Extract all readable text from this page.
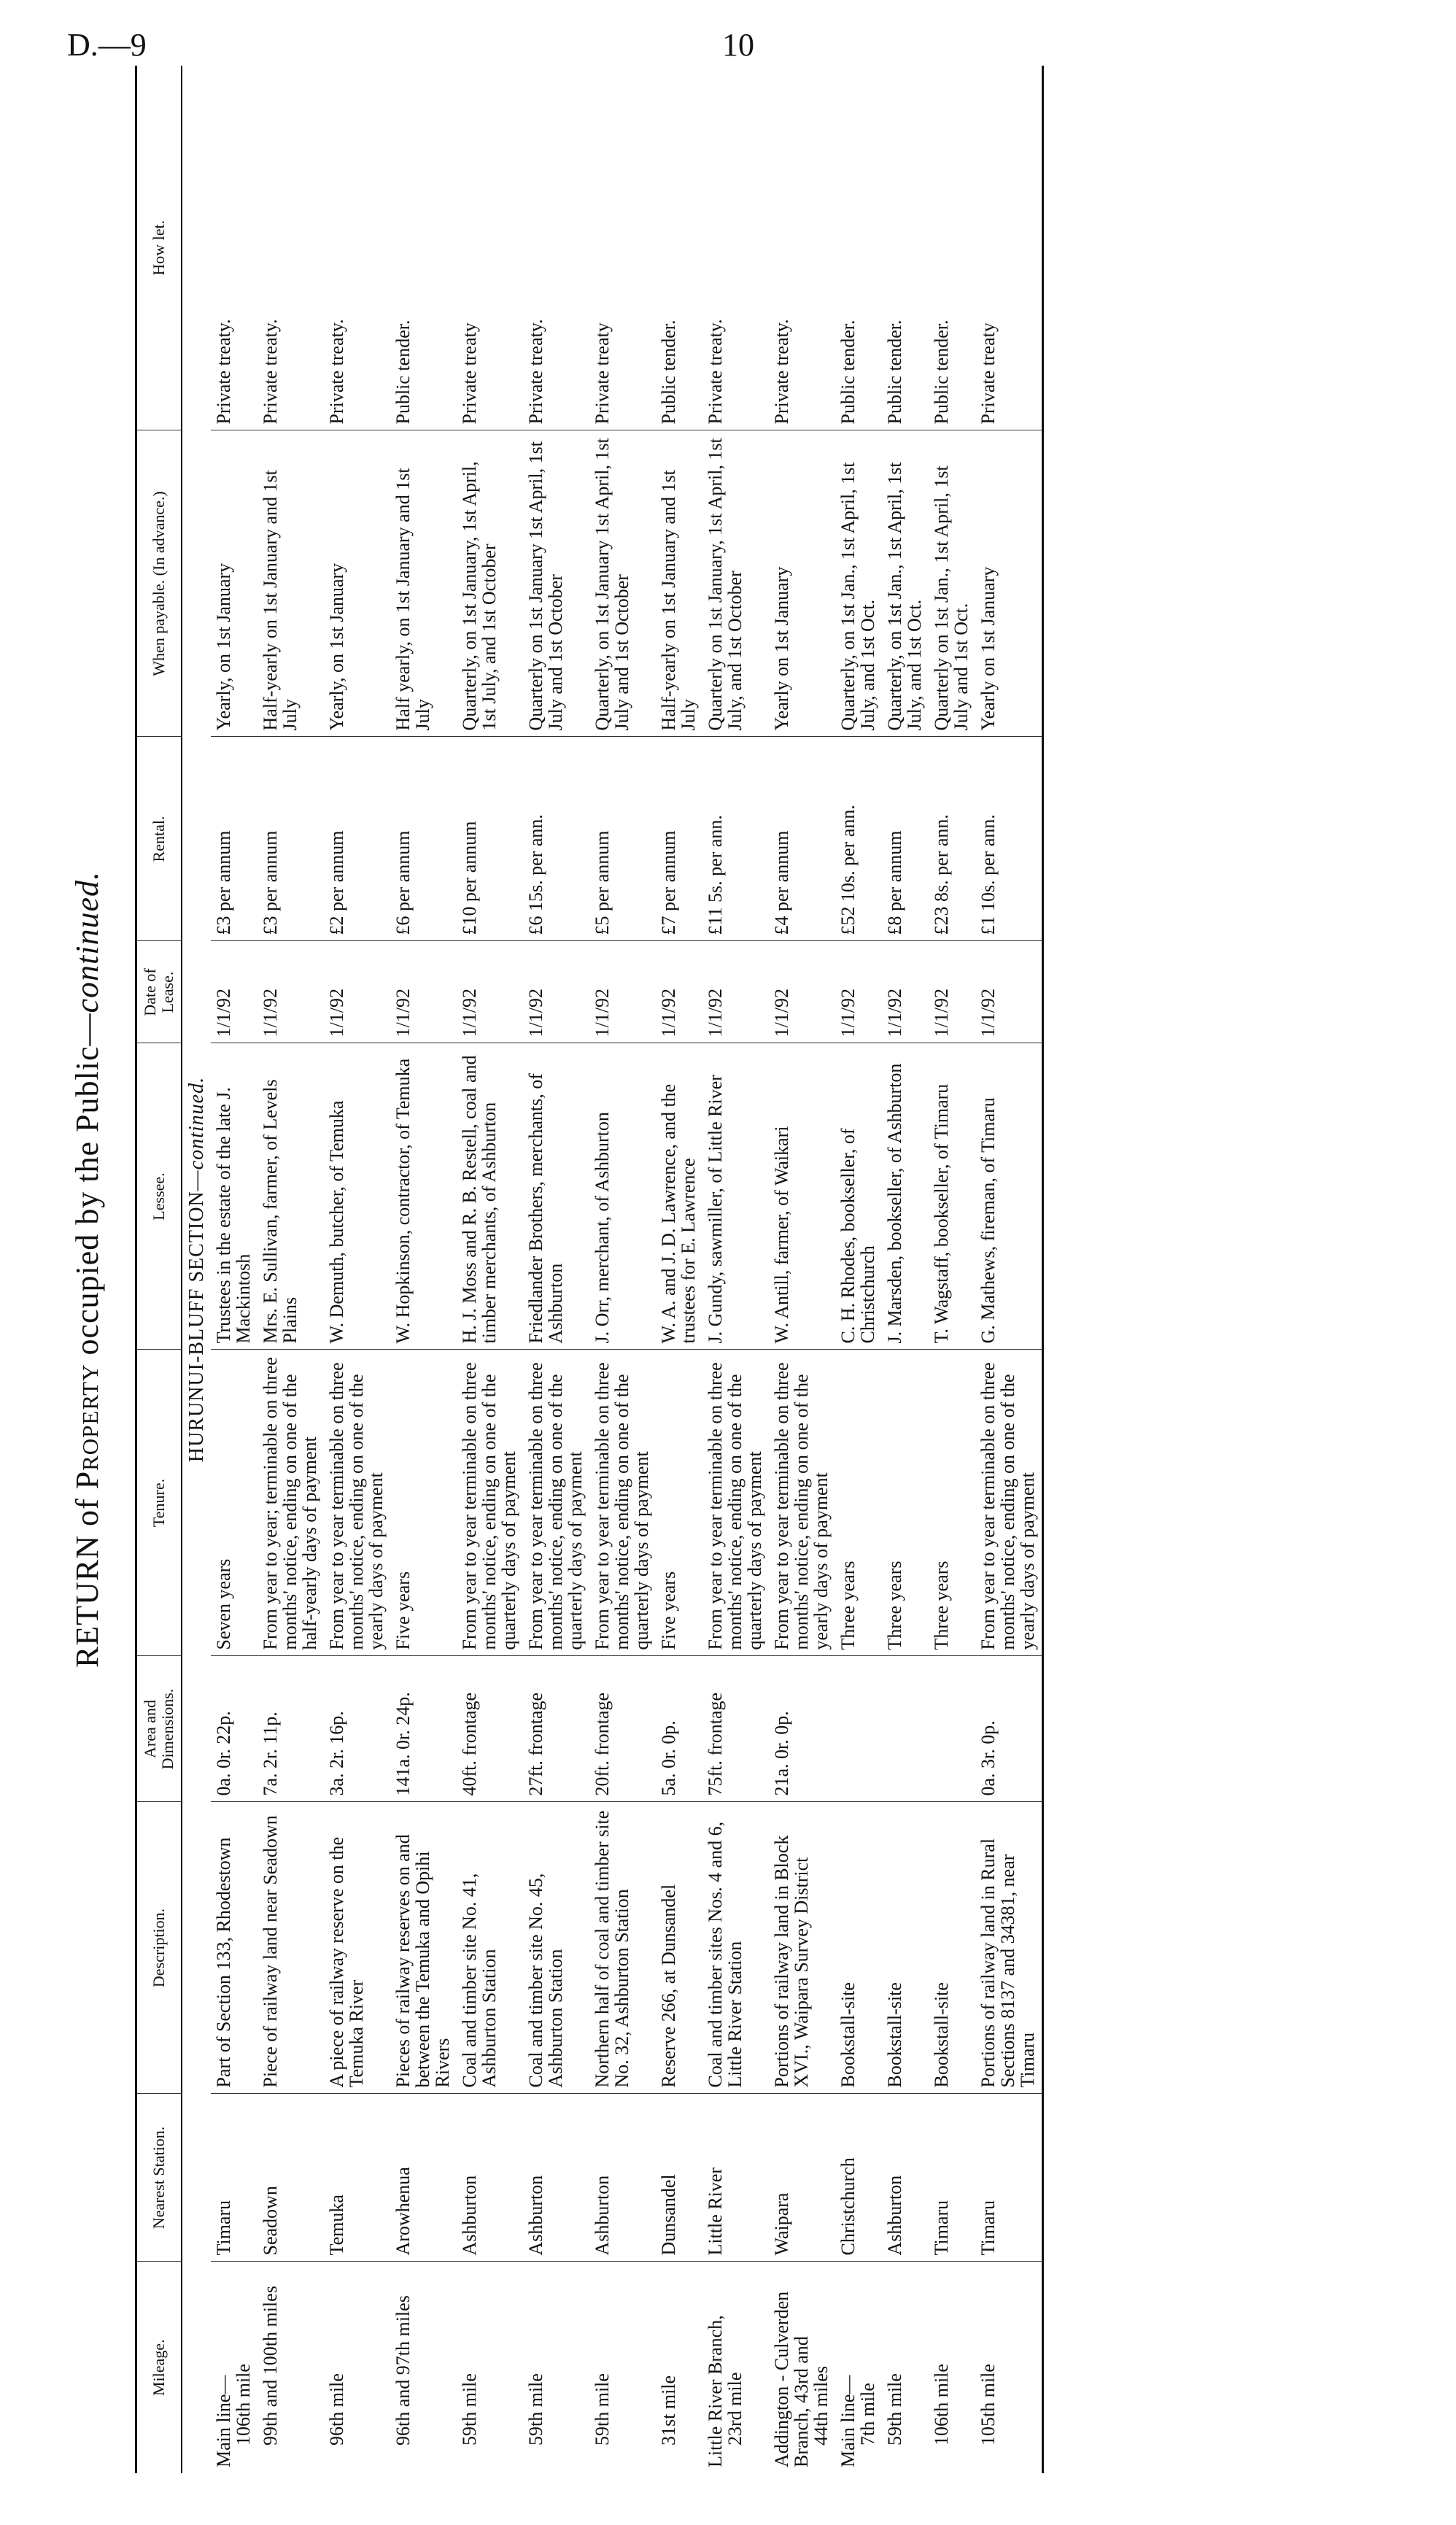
D.—9	10
RETURN of Property occupied by the Public—continued.
Mileage.	Nearest Station.	Description.	Area and Dimensions.	Tenure.	Lessee.	Date of Lease.	Rental.	When payable. (In advance.)	How let.
HURUNUI-BLUFF SECTION—continued.									

Main line—
106th mile	Timaru	Part of Section 133, Rhodestown	0a. 0r. 22p.	Seven years	Trustees in the estate of the late J. Mackintosh	1/1/92	£3 per annum	Yearly, on 1st January	Private treaty.

99th and 100th miles	Seadown	Piece of railway land near Seadown	7a. 2r. 11p.	From year to year; terminable on three months' notice, ending on one of the half-yearly days of payment	Mrs. E. Sullivan, farmer, of Levels Plains	1/1/92	£3 per annum	Half-yearly on 1st January and 1st July	Private treaty.

96th mile	Temuka	A piece of railway reserve on the Temuka River	3a. 2r. 16p.	From year to year terminable on three months' notice, ending on one of the yearly days of payment	W. Demuth, butcher, of Temuka	1/1/92	£2 per annum	Yearly, on 1st January	Private treaty.

96th and 97th miles	Arowhenua	Pieces of railway reserves on and between the Temuka and Opihi Rivers	141a. 0r. 24p.	Five years	W. Hopkinson, contractor, of Temuka	1/1/92	£6 per annum	Half yearly, on 1st January and 1st July	Public tender.

59th mile	Ashburton	Coal and timber site No. 41, Ashburton Station	40ft. frontage	From year to year terminable on three months' notice, ending on one of the quarterly days of payment	H. J. Moss and R. B. Restell, coal and timber merchants, of Ashburton	1/1/92	£10 per annum	Quarterly, on 1st January, 1st April, 1st July, and 1st October	Private treaty

59th mile	Ashburton	Coal and timber site No. 45, Ashburton Station	27ft. frontage	From year to year terminable on three months' notice, ending on one of the quarterly days of payment	Friedlander Brothers, merchants, of Ashburton	1/1/92	£6 15s. per ann.	Quarterly on 1st January 1st April, 1st July and 1st October	Private treaty.

59th mile	Ashburton	Northern half of coal and timber site No. 32, Ashburton Station	20ft. frontage	From year to year terminable on three months' notice, ending on one of the quarterly days of payment	J. Orr, merchant, of Ashburton	1/1/92	£5 per annum	Quarterly, on 1st January 1st April, 1st July and 1st October	Private treaty

31st mile	Dunsandel	Reserve 266, at Dunsandel	5a. 0r. 0p.	Five years	W. A. and J. D. Lawrence, and the trustees for E. Lawrence	1/1/92	£7 per annum	Half-yearly on 1st January and 1st July	Public tender.

Little River Branch,
23rd mile	Little River	Coal and timber sites Nos. 4 and 6, Little River Station	75ft. frontage	From year to year terminable on three months' notice, ending on one of the quarterly days of payment	J. Gundy, sawmiller, of Little River	1/1/92	£11 5s. per ann.	Quarterly on 1st January, 1st April, 1st July, and 1st October	Private treaty.

Addington - Culverden Branch, 43rd and
44th miles	Waipara	Portions of railway land in Block XVI., Waipara Survey District	21a. 0r. 0p.	From year to year terminable on three months' notice, ending on one of the yearly days of payment	W. Antill, farmer, of Waikari	1/1/92	£4 per annum	Yearly on 1st January	Private treaty.

Main line—
7th mile	Christchurch	Bookstall-site		Three years	C. H. Rhodes, bookseller, of Christchurch	1/1/92	£52 10s. per ann.	Quarterly, on 1st Jan., 1st April, 1st July, and 1st Oct.	Public tender.

59th mile	Ashburton	Bookstall-site		Three years	J. Marsden, bookseller, of Ashburton	1/1/92	£8 per annum	Quarterly, on 1st Jan., 1st April, 1st July, and 1st Oct.	Public tender.

106th mile	Timaru	Bookstall-site		Three years	T. Wagstaff, bookseller, of Timaru	1/1/92	£23 8s. per ann.	Quarterly on 1st Jan., 1st April, 1st July and 1st Oct.	Public tender.

105th mile	Timaru	Portions of railway land in Rural Sections 8137 and 34381, near Timaru	0a. 3r. 0p.	From year to year terminable on three months' notice, ending on one of the yearly days of payment	G. Mathews, fireman, of Timaru	1/1/92	£1 10s. per ann.	Yearly on 1st January	Private treaty
